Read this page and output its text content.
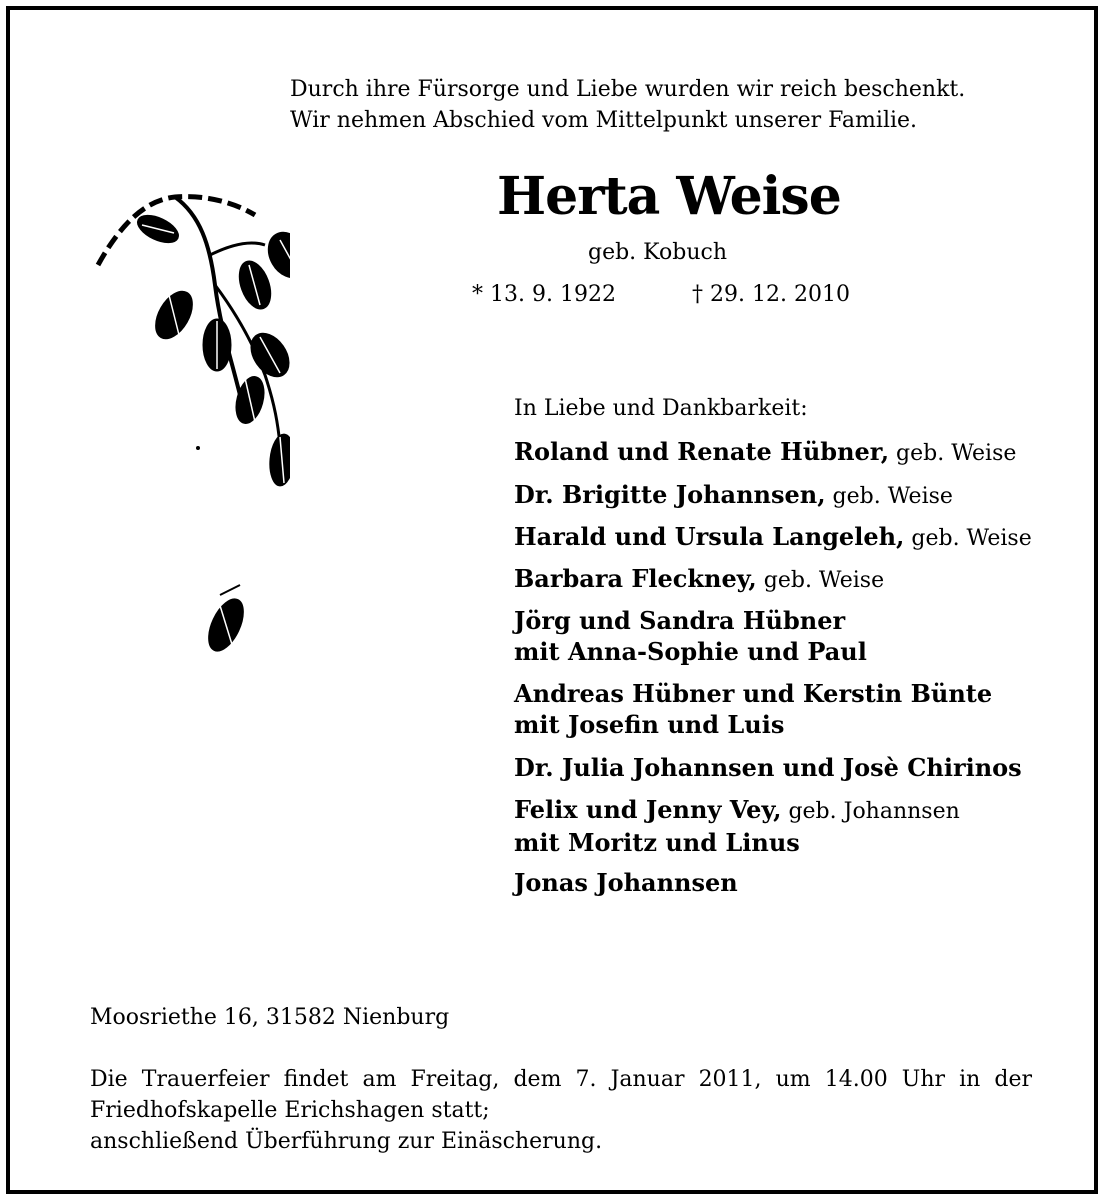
Durch ihre Fürsorge und Liebe wurden wir reich beschenkt.
Wir nehmen Abschied vom Mittelpunkt unserer Familie.
Herta Weise
geb. Kobuch
* 13. 9. 1922	† 29. 12. 2010
In Liebe und Dankbarkeit:
Roland und Renate Hübner, geb. Weise
Dr. Brigitte Johannsen, geb. Weise
Harald und Ursula Langeleh, geb. Weise
Barbara Fleckney, geb. Weise
Jörg und Sandra Hübner
mit Anna-Sophie und Paul
Andreas Hübner und Kerstin Bünte
mit Josefin und Luis
Dr. Julia Johannsen und Josè Chirinos
Felix und Jenny Vey, geb. Johannsen
mit Moritz und Linus
Jonas Johannsen
Moosriethe 16, 31582 Nienburg
Die Trauerfeier findet am Freitag, dem 7. Januar 2011, um 14.00 Uhr in der
Friedhofskapelle Erichshagen statt;
anschließend Überführung zur Einäscherung.
